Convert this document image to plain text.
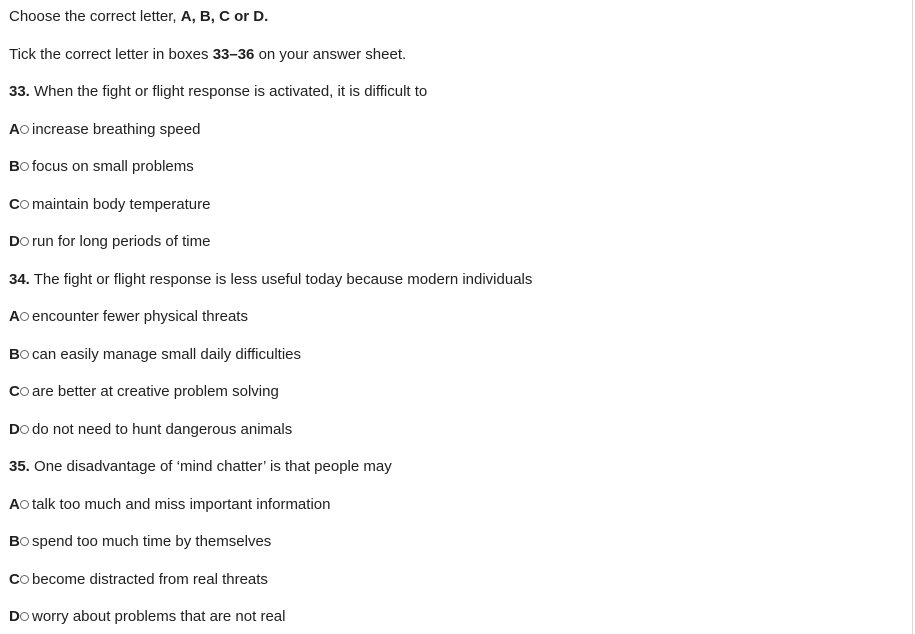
Choose the correct letter, A, B, C or D.
Tick the correct letter in boxes 33–36 on your answer sheet.
33. When the fight or flight response is activated, it is difficult to
A increase breathing speed
B focus on small problems
C maintain body temperature
D run for long periods of time
34. The fight or flight response is less useful today because modern individuals
A encounter fewer physical threats
B can easily manage small daily difficulties
C are better at creative problem solving
D do not need to hunt dangerous animals
35. One disadvantage of ‘mind chatter’ is that people may
A talk too much and miss important information
B spend too much time by themselves
C become distracted from real threats
D worry about problems that are not real
